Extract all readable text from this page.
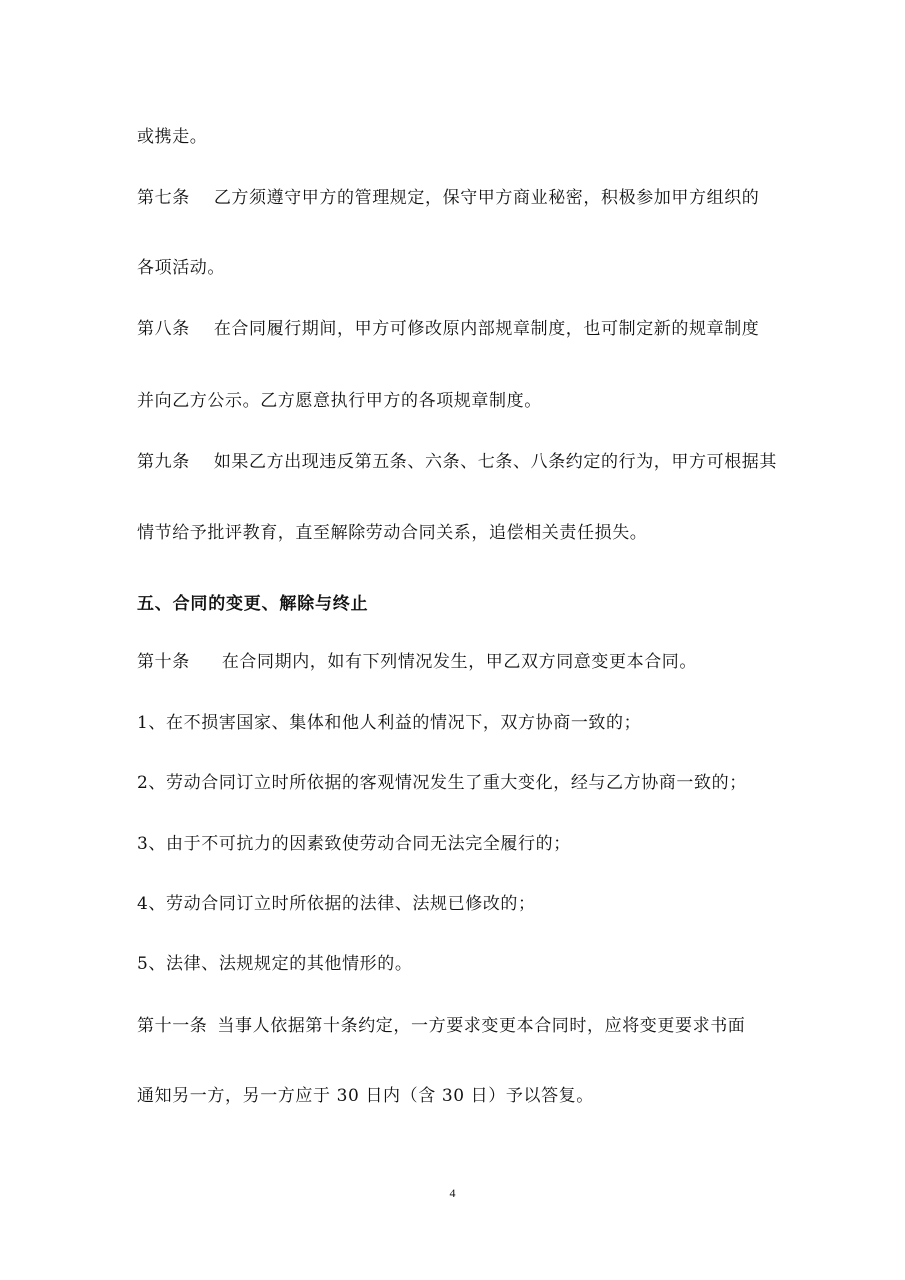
或携走。
第七条 乙方须遵守甲方的管理规定，保守甲方商业秘密，积极参加甲方组织的
各项活动。
第八条 在合同履行期间，甲方可修改原内部规章制度，也可制定新的规章制度
并向乙方公示。乙方愿意执行甲方的各项规章制度。
第九条 如果乙方出现违反第五条、六条、七条、八条约定的行为，甲方可根据其
情节给予批评教育，直至解除劳动合同关系，追偿相关责任损失。
五、合同的变更、解除与终止
第十条 在合同期内，如有下列情况发生，甲乙双方同意变更本合同。
1、在不损害国家、集体和他人利益的情况下，双方协商一致的；
2、劳动合同订立时所依据的客观情况发生了重大变化，经与乙方协商一致的；
3、由于不可抗力的因素致使劳动合同无法完全履行的；
4、劳动合同订立时所依据的法律、法规已修改的；
5、法律、法规规定的其他情形的。
第十一条 当事人依据第十条约定，一方要求变更本合同时，应将变更要求书面
通知另一方，另一方应于 30 日内（含 30 日）予以答复。
4
